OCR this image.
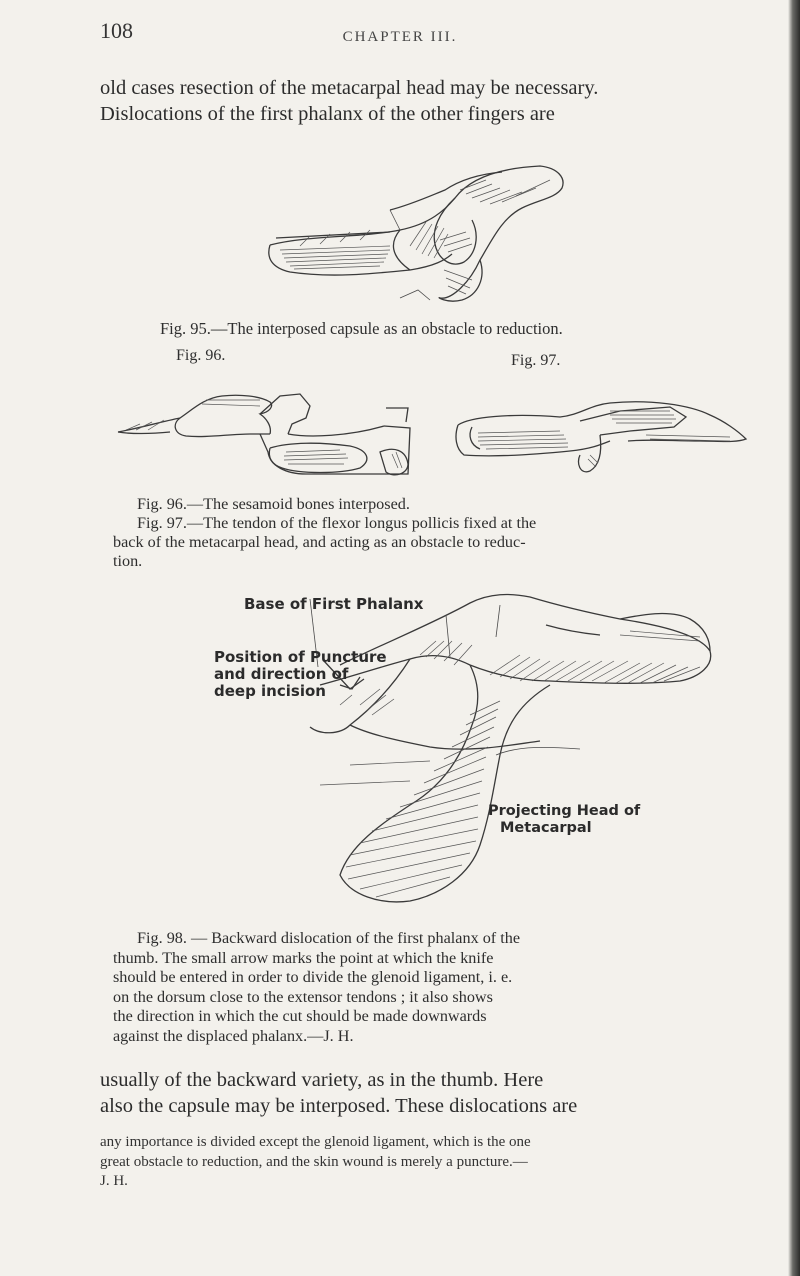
108	CHAPTER III.
old cases resection of the metacarpal head may be necessary.
Dislocations of the first phalanx of the other fingers are
Fig. 95.—The interposed capsule as an obstacle to reduction.
Fig. 96.	Fig. 97.
Fig. 96.—The sesamoid bones interposed.
Fig. 97.—The tendon of the flexor longus pollicis fixed at the
back of the metacarpal head, and acting as an obstacle to reduc-
tion.
Base of First Phalanx
Position of Puncture
and direction of
deep incision
Projecting Head of
Metacarpal
Fig. 98. — Backward dislocation of the first phalanx of the
thumb. The small arrow marks the point at which the knife
should be entered in order to divide the glenoid ligament, i. e.
on the dorsum close to the extensor tendons ; it also shows
the direction in which the cut should be made downwards
against the displaced phalanx.—J. H.
usually of the backward variety, as in the thumb. Here
also the capsule may be interposed. These dislocations are
any importance is divided except the glenoid ligament, which is the one
great obstacle to reduction, and the skin wound is merely a puncture.—
J. H.
